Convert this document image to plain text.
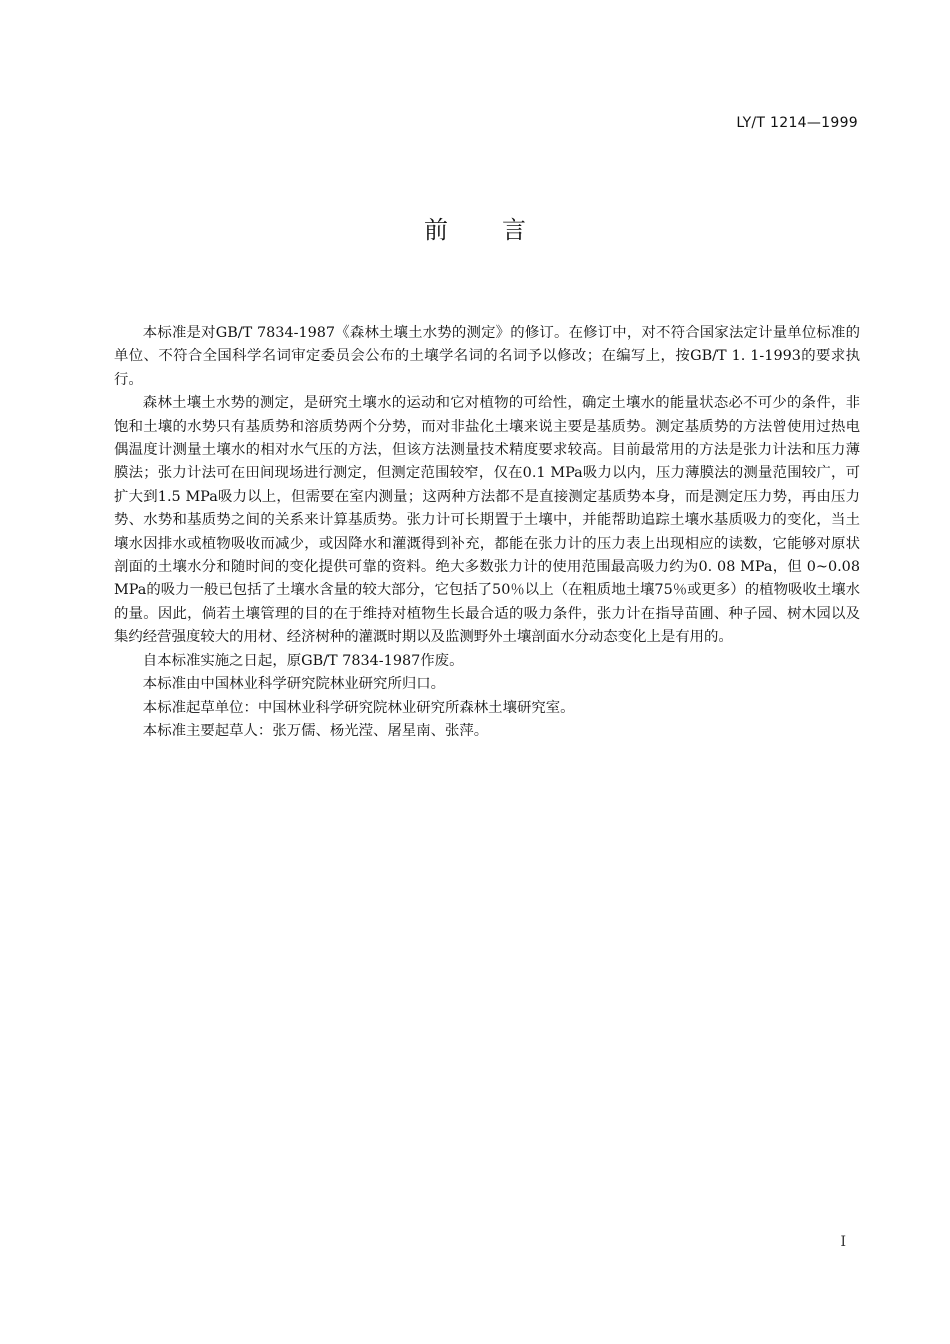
LY/T 1214—1999
前言

本标准是对GB/T 7834-1987《森林土壤土水势的测定》的修订。在修订中，对不符合国家法定计量单位标准的单位、不符合全国科学名词审定委员会公布的土壤学名词的名词予以修改；在编写上，按GB/T 1. 1-1993的要求执行。

森林土壤土水势的测定，是研究土壤水的运动和它对植物的可给性，确定土壤水的能量状态必不可少的条件，非饱和土壤的水势只有基质势和溶质势两个分势，而对非盐化土壤来说主要是基质势。测定基质势的方法曾使用过热电偶温度计测量土壤水的相对水气压的方法，但该方法测量技术精度要求较高。目前最常用的方法是张力计法和压力薄膜法；张力计法可在田间现场进行测定，但测定范围较窄，仅在0.1 MPa吸力以内，压力薄膜法的测量范围较广，可扩大到1.5 MPa吸力以上，但需要在室内测量；这两种方法都不是直接测定基质势本身，而是测定压力势，再由压力势、水势和基质势之间的关系来计算基质势。张力计可长期置于土壤中，并能帮助追踪土壤水基质吸力的变化，当土壤水因排水或植物吸收而减少，或因降水和灌溉得到补充，都能在张力计的压力表上出现相应的读数，它能够对原状剖面的土壤水分和随时间的变化提供可靠的资料。绝大多数张力计的使用范围最高吸力约为0. 08 MPa，但 0~0.08 MPa的吸力一般已包括了土壤水含量的较大部分，它包括了50％以上（在粗质地土壤75％或更多）的植物吸收土壤水的量。因此，倘若土壤管理的目的在于维持对植物生长最合适的吸力条件，张力计在指导苗圃、种子园、树木园以及集约经营强度较大的用材、经济树种的灌溉时期以及监测野外土壤剖面水分动态变化上是有用的。

自本标准实施之日起，原GB/T 7834-1987作废。

本标准由中国林业科学研究院林业研究所归口。

本标准起草单位：中国林业科学研究院林业研究所森林土壤研究室。

本标准主要起草人：张万儒、杨光滢、屠星南、张萍。

I
